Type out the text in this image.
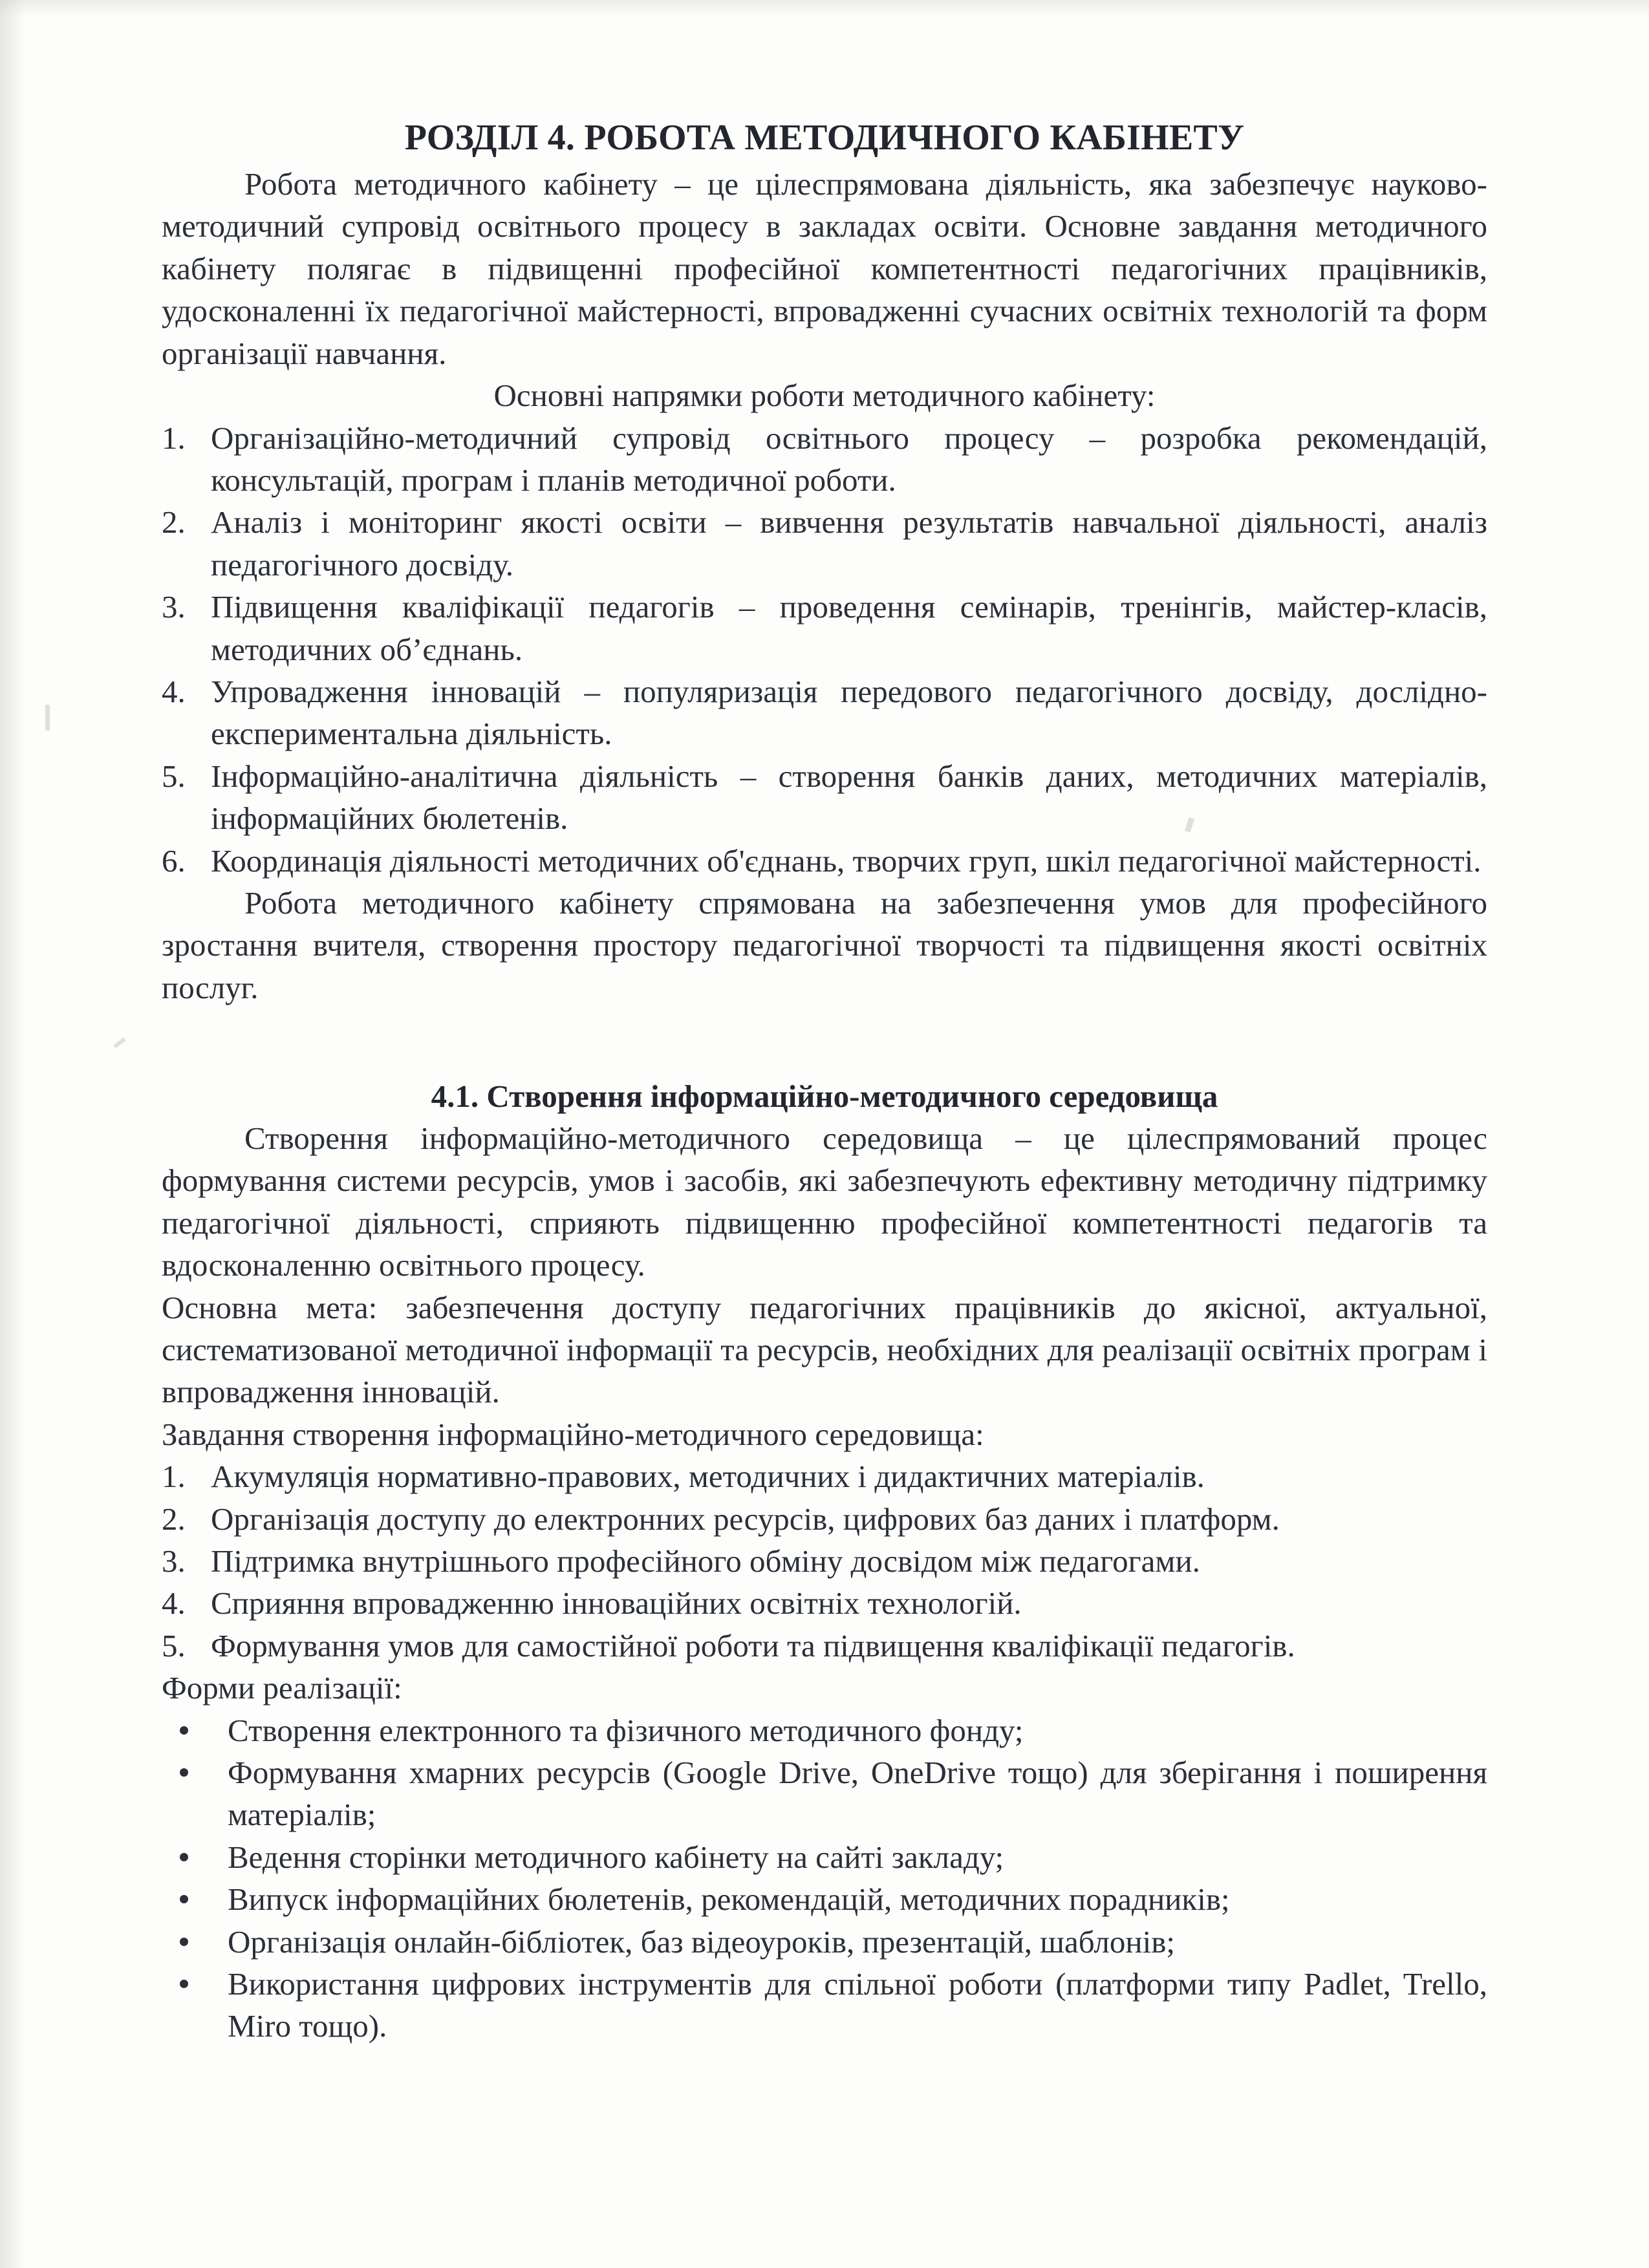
РОЗДІЛ 4. РОБОТА МЕТОДИЧНОГО КАБІНЕТУ

Робота методичного кабінету – це цілеспрямована діяльність, яка забезпечує науково-методичний супровід освітнього процесу в закладах освіти. Основне завдання методичного кабінету полягає в підвищенні професійної компетентності педагогічних працівників, удосконаленні їх педагогічної майстерності, впровадженні сучасних освітніх технологій та форм організації навчання.

Основні напрямки роботи методичного кабінету:

1. Організаційно-методичний супровід освітнього процесу – розробка рекомендацій, консультацій, програм і планів методичної роботи.
2. Аналіз і моніторинг якості освіти – вивчення результатів навчальної діяльності, аналіз педагогічного досвіду.
3. Підвищення кваліфікації педагогів – проведення семінарів, тренінгів, майстер-класів, методичних об’єднань.
4. Упровадження інновацій – популяризація передового педагогічного досвіду, дослідно-експериментальна діяльність.
5. Інформаційно-аналітична діяльність – створення банків даних, методичних матеріалів, інформаційних бюлетенів.
6. Координація діяльності методичних об'єднань, творчих груп, шкіл педагогічної майстерності.

Робота методичного кабінету спрямована на забезпечення умов для професійного зростання вчителя, створення простору педагогічної творчості та підвищення якості освітніх послуг.

4.1. Створення інформаційно-методичного середовища

Створення інформаційно-методичного середовища – це цілеспрямований процес формування системи ресурсів, умов і засобів, які забезпечують ефективну методичну підтримку педагогічної діяльності, сприяють підвищенню професійної компетентності педагогів та вдосконаленню освітнього процесу.

Основна мета: забезпечення доступу педагогічних працівників до якісної, актуальної, систематизованої методичної інформації та ресурсів, необхідних для реалізації освітніх програм і впровадження інновацій.

Завдання створення інформаційно-методичного середовища:

1. Акумуляція нормативно-правових, методичних і дидактичних матеріалів.
2. Організація доступу до електронних ресурсів, цифрових баз даних і платформ.
3. Підтримка внутрішнього професійного обміну досвідом між педагогами.
4. Сприяння впровадженню інноваційних освітніх технологій.
5. Формування умов для самостійної роботи та підвищення кваліфікації педагогів.

Форми реалізації:

Створення електронного та фізичного методичного фонду;
Формування хмарних ресурсів (Google Drive, OneDrive тощо) для зберігання і поширення матеріалів;
Ведення сторінки методичного кабінету на сайті закладу;
Випуск інформаційних бюлетенів, рекомендацій, методичних порадників;
Організація онлайн-бібліотек, баз відеоуроків, презентацій, шаблонів;
Використання цифрових інструментів для спільної роботи (платформи типу Padlet, Trello, Miro тощо).
